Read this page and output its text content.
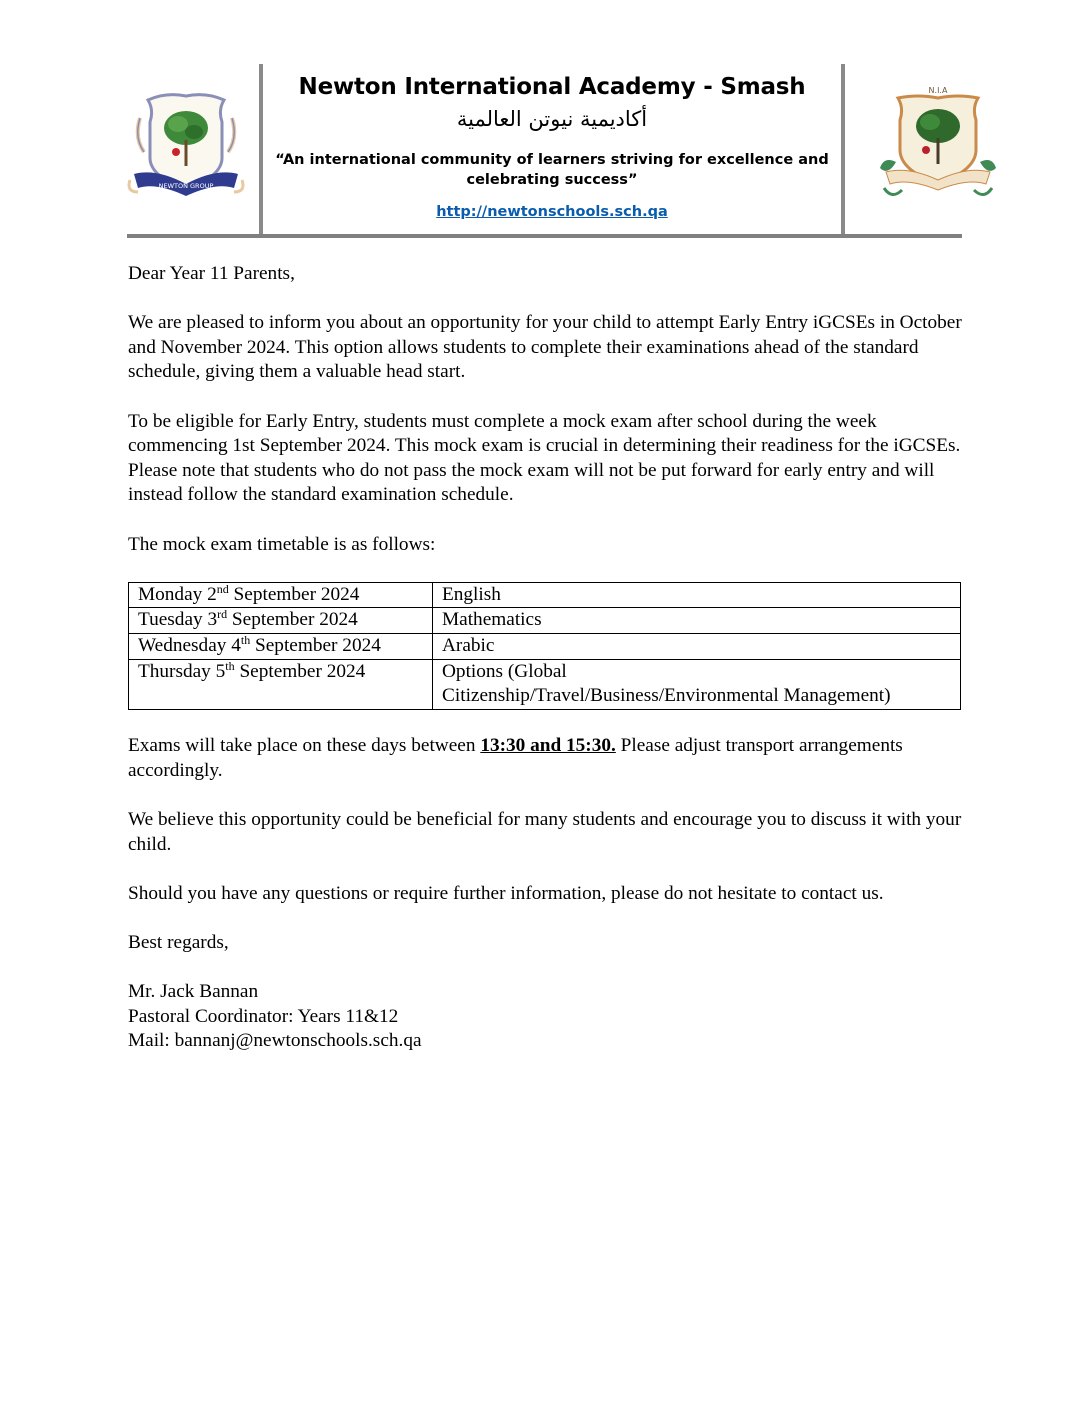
NEWTON GROUP
N.I.A
Newton International Academy - Smash
أكاديمية نيوتن العالمية
“An international community of learners striving for excellence and celebrating success”
http://newtonschools.sch.qa

Dear Year 11 Parents,

We are pleased to inform you about an opportunity for your child to attempt Early Entry iGCSEs in October and November 2024. This option allows students to complete their examinations ahead of the standard schedule, giving them a valuable head start.

To be eligible for Early Entry, students must complete a mock exam after school during the week commencing 1st September 2024. This mock exam is crucial in determining their readiness for the iGCSEs. Please note that students who do not pass the mock exam will not be put forward for early entry and will instead follow the standard examination schedule.

The mock exam timetable is as follows:

Monday 2nd September 2024	English
Tuesday 3rd September 2024	Mathematics
Wednesday 4th September 2024	Arabic
Thursday 5th September 2024	Options (Global
Citizenship/Travel/Business/Environmental Management)

Exams will take place on these days between 13:30 and 15:30. Please adjust transport arrangements accordingly.

We believe this opportunity could be beneficial for many students and encourage you to discuss it with your child.

Should you have any questions or require further information, please do not hesitate to contact us.

Best regards,

Mr. Jack Bannan

Pastoral Coordinator: Years 11&12

Mail: bannanj@newtonschools.sch.qa
